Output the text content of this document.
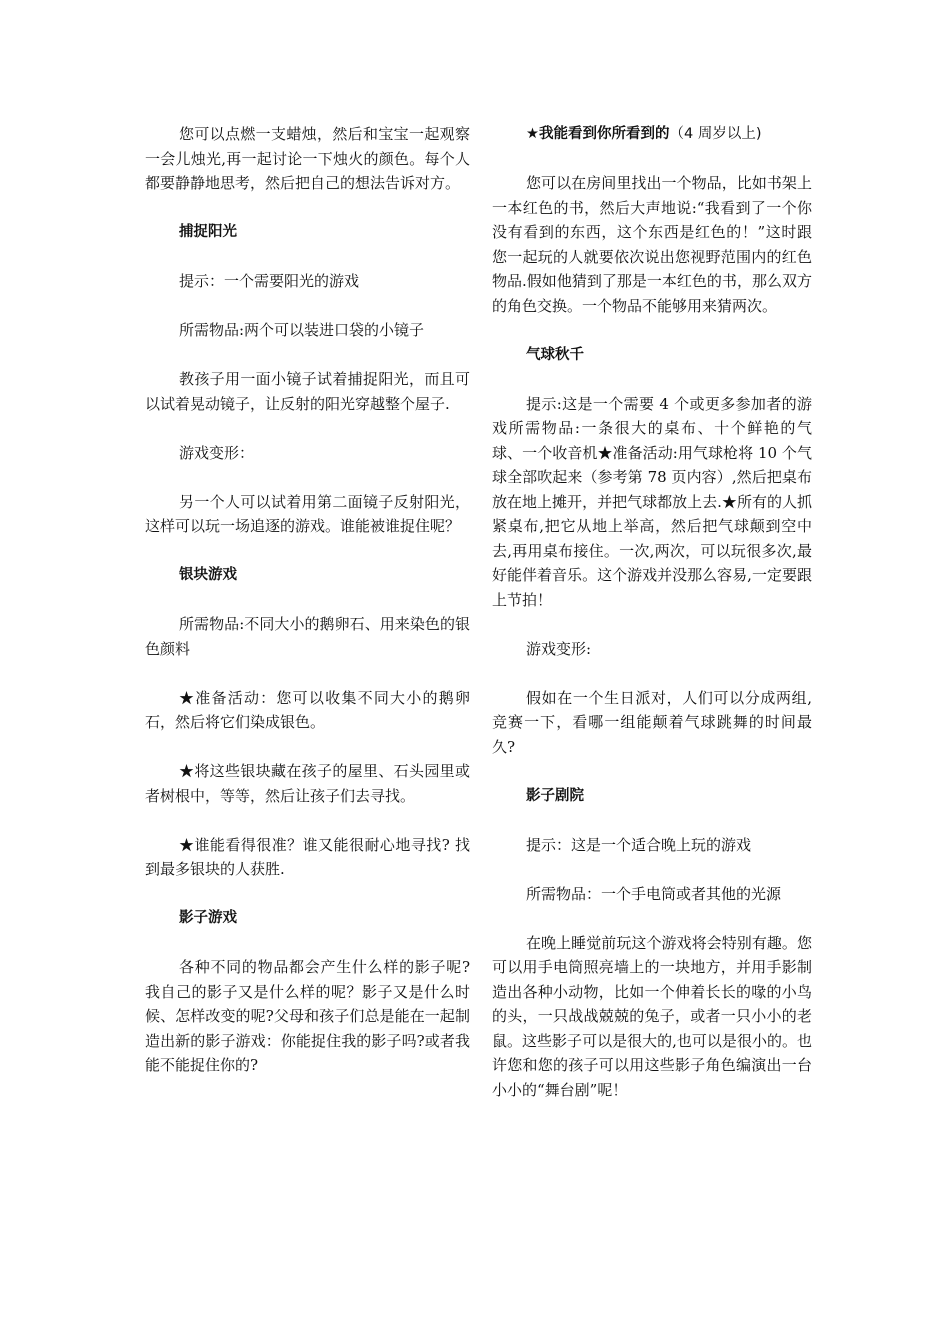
您可以点燃一支蜡烛，然后和宝宝一起观察一会儿烛光,再一起讨论一下烛火的颜色。每个人都要静静地思考，然后把自己的想法告诉对方。

捕捉阳光

提示：一个需要阳光的游戏

所需物品:两个可以装进口袋的小镜子

教孩子用一面小镜子试着捕捉阳光，而且可以试着晃动镜子，让反射的阳光穿越整个屋子.

游戏变形：

另一个人可以试着用第二面镜子反射阳光，这样可以玩一场追逐的游戏。谁能被谁捉住呢？

银块游戏

所需物品:不同大小的鹅卵石、用来染色的银色颜料

★准备活动：您可以收集不同大小的鹅卵石，然后将它们染成银色。

★将这些银块藏在孩子的屋里、石头园里或者树根中，等等，然后让孩子们去寻找。

★谁能看得很准？谁又能很耐心地寻找? 找到最多银块的人获胜.

影子游戏

各种不同的物品都会产生什么样的影子呢?我自己的影子又是什么样的呢？影子又是什么时候、怎样改变的呢?父母和孩子们总是能在一起制造出新的影子游戏：你能捉住我的影子吗?或者我能不能捉住你的?

★我能看到你所看到的（4 周岁以上)

您可以在房间里找出一个物品，比如书架上一本红色的书，然后大声地说:“我看到了一个你没有看到的东西，这个东西是红色的！”这时跟您一起玩的人就要依次说出您视野范围内的红色物品.假如他猜到了那是一本红色的书，那么双方的角色交换。一个物品不能够用来猜两次。

气球秋千

提示:这是一个需要 4 个或更多参加者的游戏所需物品:一条很大的桌布、十个鲜艳的气球、一个收音机★准备活动:用气球枪将 10 个气球全部吹起来（参考第 78 页内容）,然后把桌布放在地上摊开，并把气球都放上去.★所有的人抓紧桌布,把它从地上举高，然后把气球颠到空中去,再用桌布接住。一次,两次，可以玩很多次,最好能伴着音乐。这个游戏并没那么容易,一定要跟上节拍！

游戏变形:

假如在一个生日派对，人们可以分成两组, 竞赛一下，看哪一组能颠着气球跳舞的时间最久?

影子剧院

提示：这是一个适合晚上玩的游戏

所需物品：一个手电筒或者其他的光源

在晚上睡觉前玩这个游戏将会特别有趣。您可以用手电筒照亮墙上的一块地方，并用手影制造出各种小动物，比如一个伸着长长的喙的小鸟的头，一只战战兢兢的兔子，或者一只小小的老鼠。这些影子可以是很大的,也可以是很小的。也许您和您的孩子可以用这些影子角色编演出一台小小的“舞台剧”呢！
